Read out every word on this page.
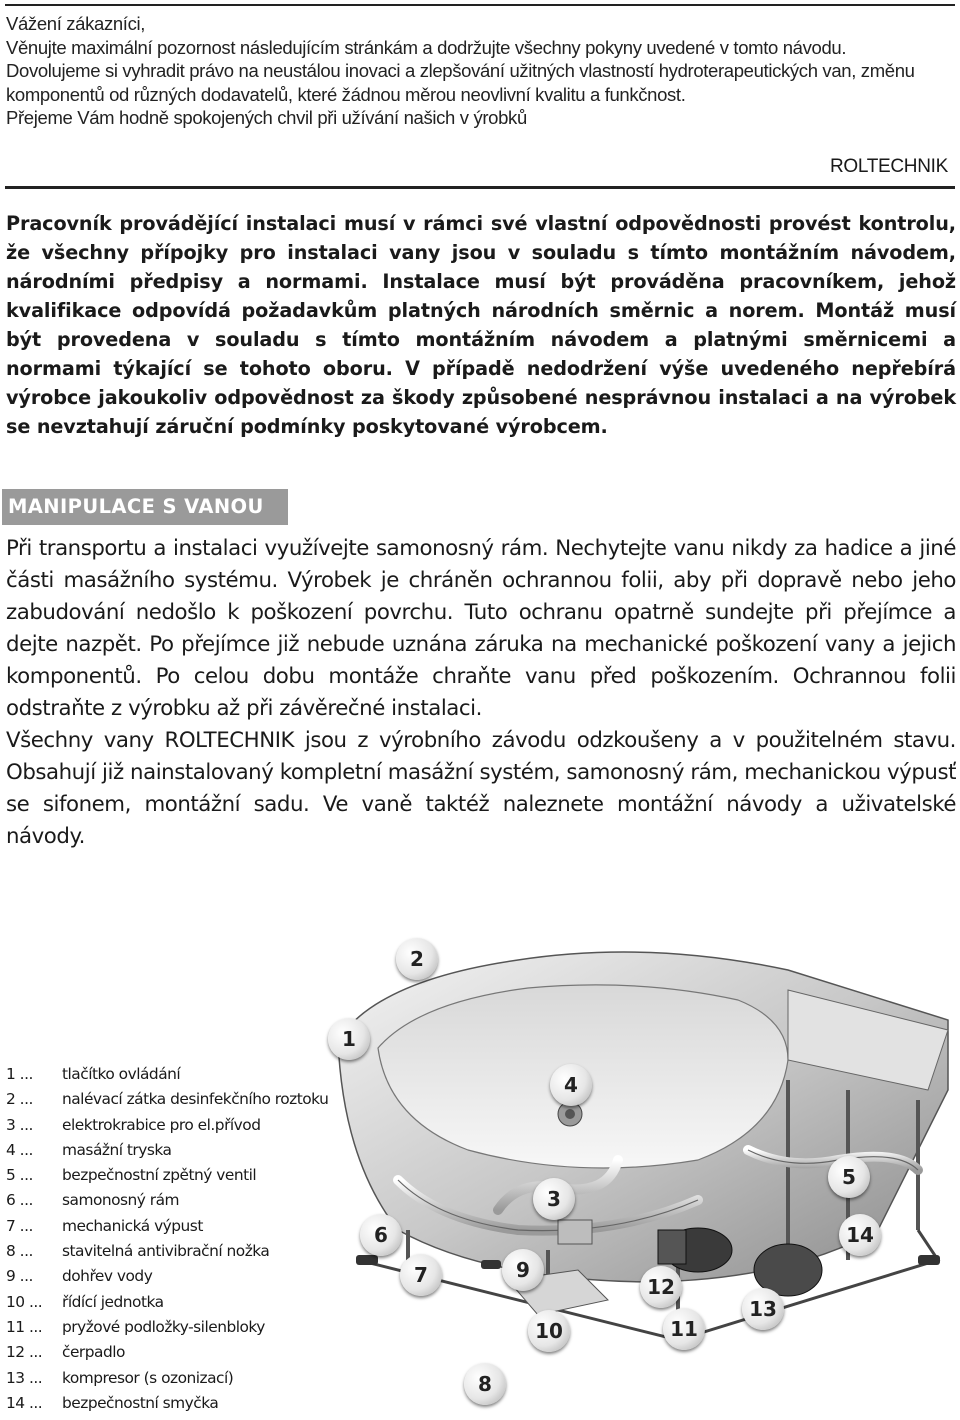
Vážení zákazníci,

Věnujte maximální pozornost následujícím stránkám a dodržujte všechny pokyny uvedené v tomto návodu.

Dovolujeme si vyhradit právo na neustálou inovaci a zlepšování užitných vlastností hydroterapeutických van, změnu

komponentů od různých dodavatelů, které žádnou měrou neovlivní kvalitu a funkčnost.

Přejeme Vám hodně spokojených chvil při užívání našich v ýrobků

ROLTECHNIK
Pracovník provádějící instalaci musí v rámci své vlastní odpovědnosti provést kontrolu, že všechny přípojky pro instalaci vany jsou v souladu s tímto montážním návodem, národními předpisy a normami. Instalace musí být prováděna pracovníkem, jehož kvalifikace odpovídá požadavkům platných národních směrnic a norem. Montáž musí být provedena v souladu s tímto montážním návodem a platnými směrnicemi a normami týkající se tohoto oboru. V případě nedodržení výše uvedeného nepřebírá výrobce jakoukoliv odpovědnost za škody způsobené nesprávnou instalaci a na výrobek se nevztahují záruční podmínky poskytované výrobcem.
MANIPULACE S VANOU

Při transportu a instalaci využívejte samonosný rám. Nechytejte vanu nikdy za hadice a jiné části masážního systému. Výrobek je chráněn ochrannou folii, aby při dopravě nebo jeho zabudování nedošlo k poškození povrchu. Tuto ochranu opatrně sundejte při přejímce a dejte nazpět. Po přejímce již nebude uznána záruka na mechanické poškození vany a jejich komponentů. Po celou dobu montáže chraňte vanu před poškozením. Ochrannou folii odstraňte z výrobku až při závěrečné instalaci.

Všechny vany ROLTECHNIK jsou z výrobního závodu odzkoušeny a v použitelném stavu. Obsahují již nainstalovaný kompletní masážní systém, samonosný rám, mechanickou výpusť se sifonem, montážní sadu. Ve vaně taktéž naleznete montážní návody a uživatelské návody.

1 ...	tlačítko ovládání
2 ...	nalévací zátka desinfekčního roztoku
3 ...	elektrokrabice pro el.přívod
4 ...	masážní tryska
5 ...	bezpečnostní zpětný ventil
6 ...	samonosný rám
7 ...	mechanická výpust
8 ...	stavitelná antivibrační nožka
9 ...	dohřev vody
10 ...	řídící jednotka
11 ...	pryžové podložky-silenbloky
12 ...	čerpadlo
13 ...	kompresor (s ozonizací)
14 ...	bezpečnostní smyčka
1
2
3
4
5
6
7
8
9
10	11
12
13
14
